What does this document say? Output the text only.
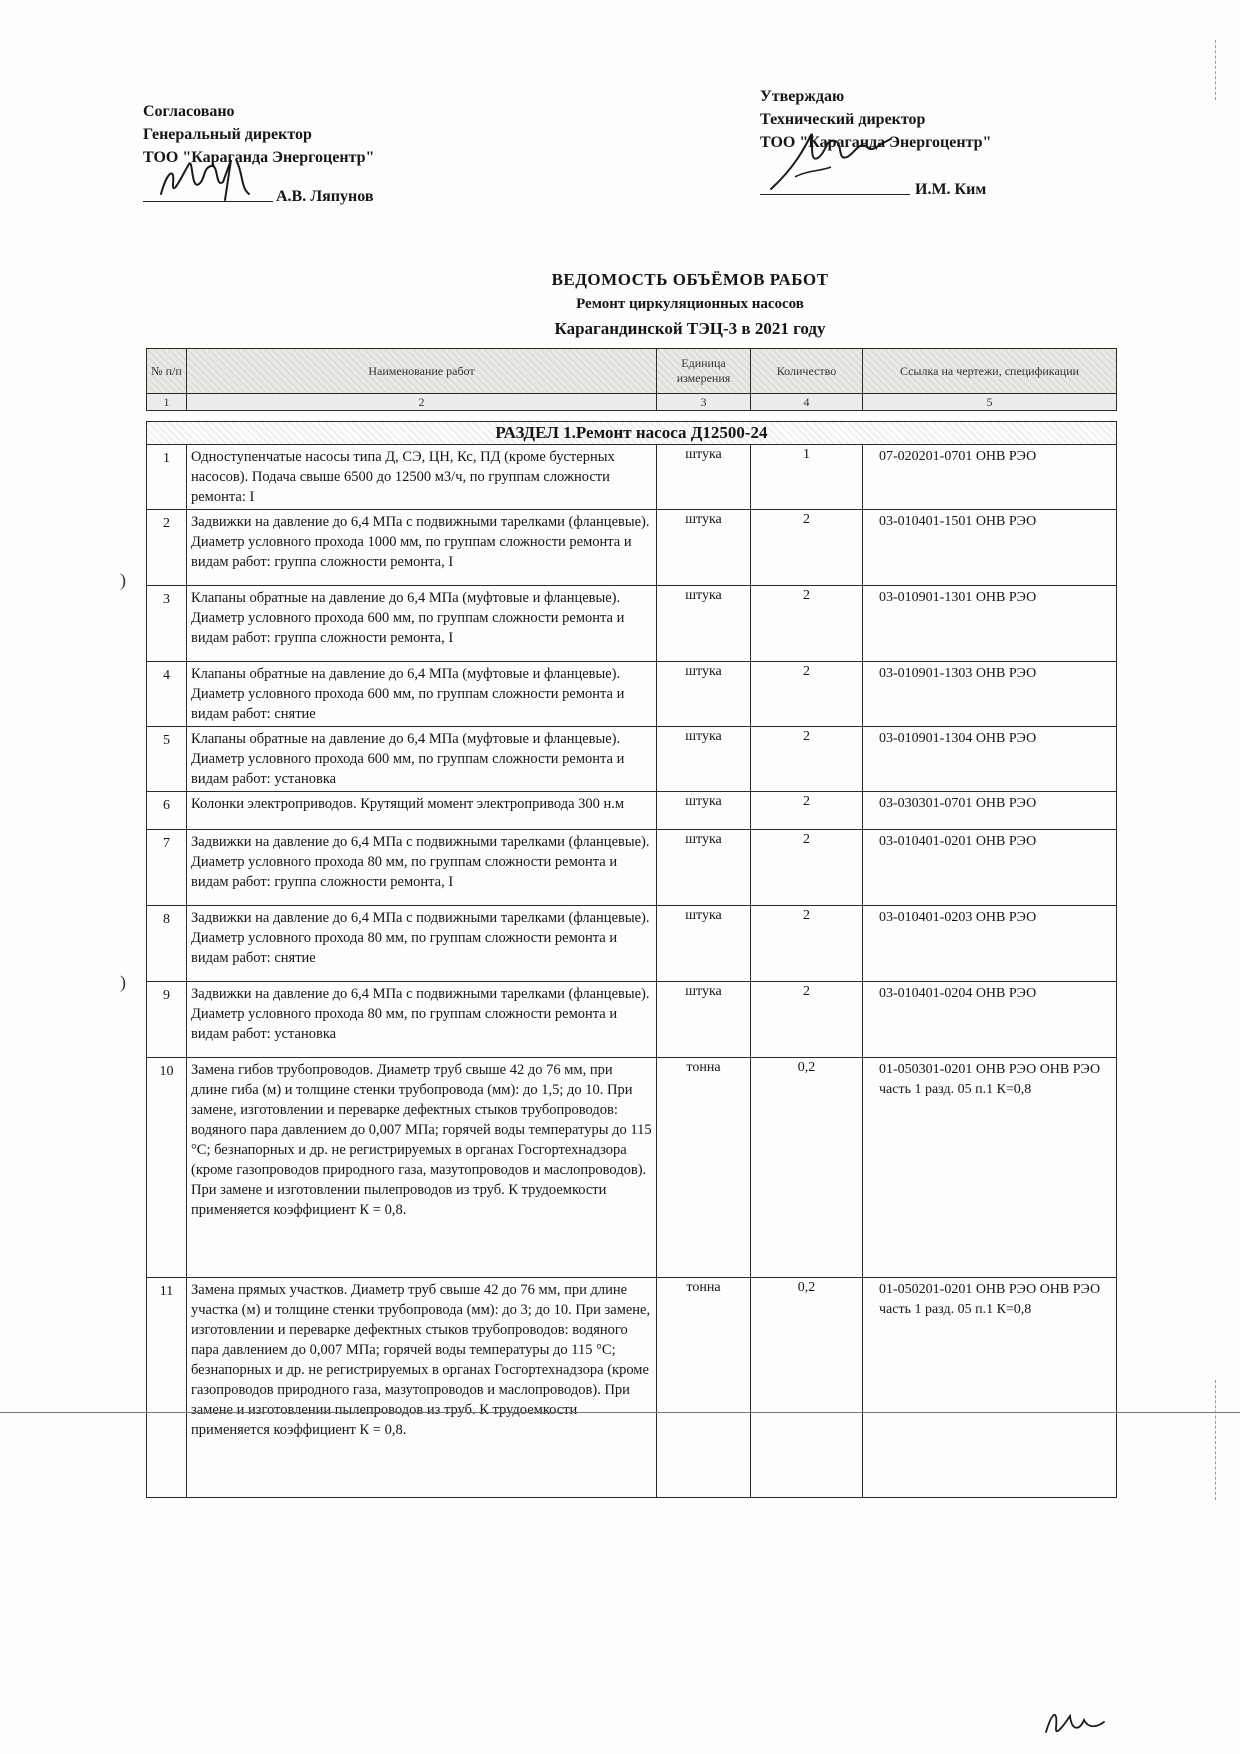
Согласовано
Генеральный директор
ТОО "Карагандa Энергоцентр"
А.В. Ляпунов
Утверждаю
Технический директор
ТОО "Караганда Энергоцентр"
И.М. Ким
ВЕДОМОСТЬ ОБЪЁМОВ РАБОТ
Ремонт циркуляционных насосов
Карагандинской ТЭЦ-3 в 2021 году
№ п/п	Наименование работ	Единица измерения	Количество	Ссылка на чертежи, спецификации
1	2	3	4	5

РАЗДЕЛ 1.Ремонт насоса Д12500-24				
1	Одноступенчатые насосы типа Д, СЭ, ЦН, Кс, ПД (кроме бустерных насосов). Подача свыше 6500 до 12500 м3/ч, по группам сложности ремонта: I	штука	1	07-020201-0701 ОНВ РЭО
2	Задвижки на давление до 6,4 МПа с подвижными тарелками (фланцевые). Диаметр условного прохода 1000 мм, по группам сложности ремонта и видам работ: группа сложности ремонта, I	штука	2	03-010401-1501 ОНВ РЭО
3	Клапаны обратные на давление до 6,4 МПа (муфтовые и фланцевые). Диаметр условного прохода 600 мм, по группам сложности ремонта и видам работ: группа сложности ремонта, I	штука	2	03-010901-1301 ОНВ РЭО
4	Клапаны обратные на давление до 6,4 МПа (муфтовые и фланцевые). Диаметр условного прохода 600 мм, по группам сложности ремонта и видам работ: снятие	штука	2	03-010901-1303 ОНВ РЭО
5	Клапаны обратные на давление до 6,4 МПа (муфтовые и фланцевые). Диаметр условного прохода 600 мм, по группам сложности ремонта и видам работ: установка	штука	2	03-010901-1304 ОНВ РЭО
6	Колонки электроприводов. Крутящий момент электропривода 300 н.м	штука	2	03-030301-0701 ОНВ РЭО
7	Задвижки на давление до 6,4 МПа с подвижными тарелками (фланцевые). Диаметр условного прохода 80 мм, по группам сложности ремонта и видам работ: группа сложности ремонта, I	штука	2	03-010401-0201 ОНВ РЭО
8	Задвижки на давление до 6,4 МПа с подвижными тарелками (фланцевые). Диаметр условного прохода 80 мм, по группам сложности ремонта и видам работ: снятие	штука	2	03-010401-0203 ОНВ РЭО
9	Задвижки на давление до 6,4 МПа с подвижными тарелками (фланцевые). Диаметр условного прохода 80 мм, по группам сложности ремонта и видам работ: установка	штука	2	03-010401-0204 ОНВ РЭО
10	Замена гибов трубопроводов. Диаметр труб свыше 42 до 76 мм, при длине гиба (м) и толщине стенки трубопровода (мм): до 1,5; до 10. При замене, изготовлении и переварке дефектных стыков трубопроводов: водяного пара давлением до 0,007 МПа; горячей воды температуры до 115 °С; безнапорных и др. не регистрируемых в органах Госгортехнадзора (кроме газопроводов природного газа, мазутопроводов и маслопроводов). При замене и изготовлении пылепроводов из труб. К трудоемкости применяется коэффициент К = 0,8.	тонна	0,2	01-050301-0201 ОНВ РЭО ОНВ РЭО часть 1 разд. 05 п.1 К=0,8
11	Замена прямых участков. Диаметр труб свыше 42 до 76 мм, при длине участка (м) и толщине стенки трубопровода (мм): до 3; до 10. При замене, изготовлении и переварке дефектных стыков трубопроводов: водяного пара давлением до 0,007 МПа; горячей воды температуры до 115 °С; безнапорных и др. не регистрируемых в органах Госгортехнадзора (кроме газопроводов природного газа, мазутопроводов и маслопроводов). При замене и изготовлении пылепроводов из труб. К трудоемкости применяется коэффициент К = 0,8.	тонна	0,2	01-050201-0201 ОНВ РЭО ОНВ РЭО часть 1 разд. 05 п.1 К=0,8
)
)
